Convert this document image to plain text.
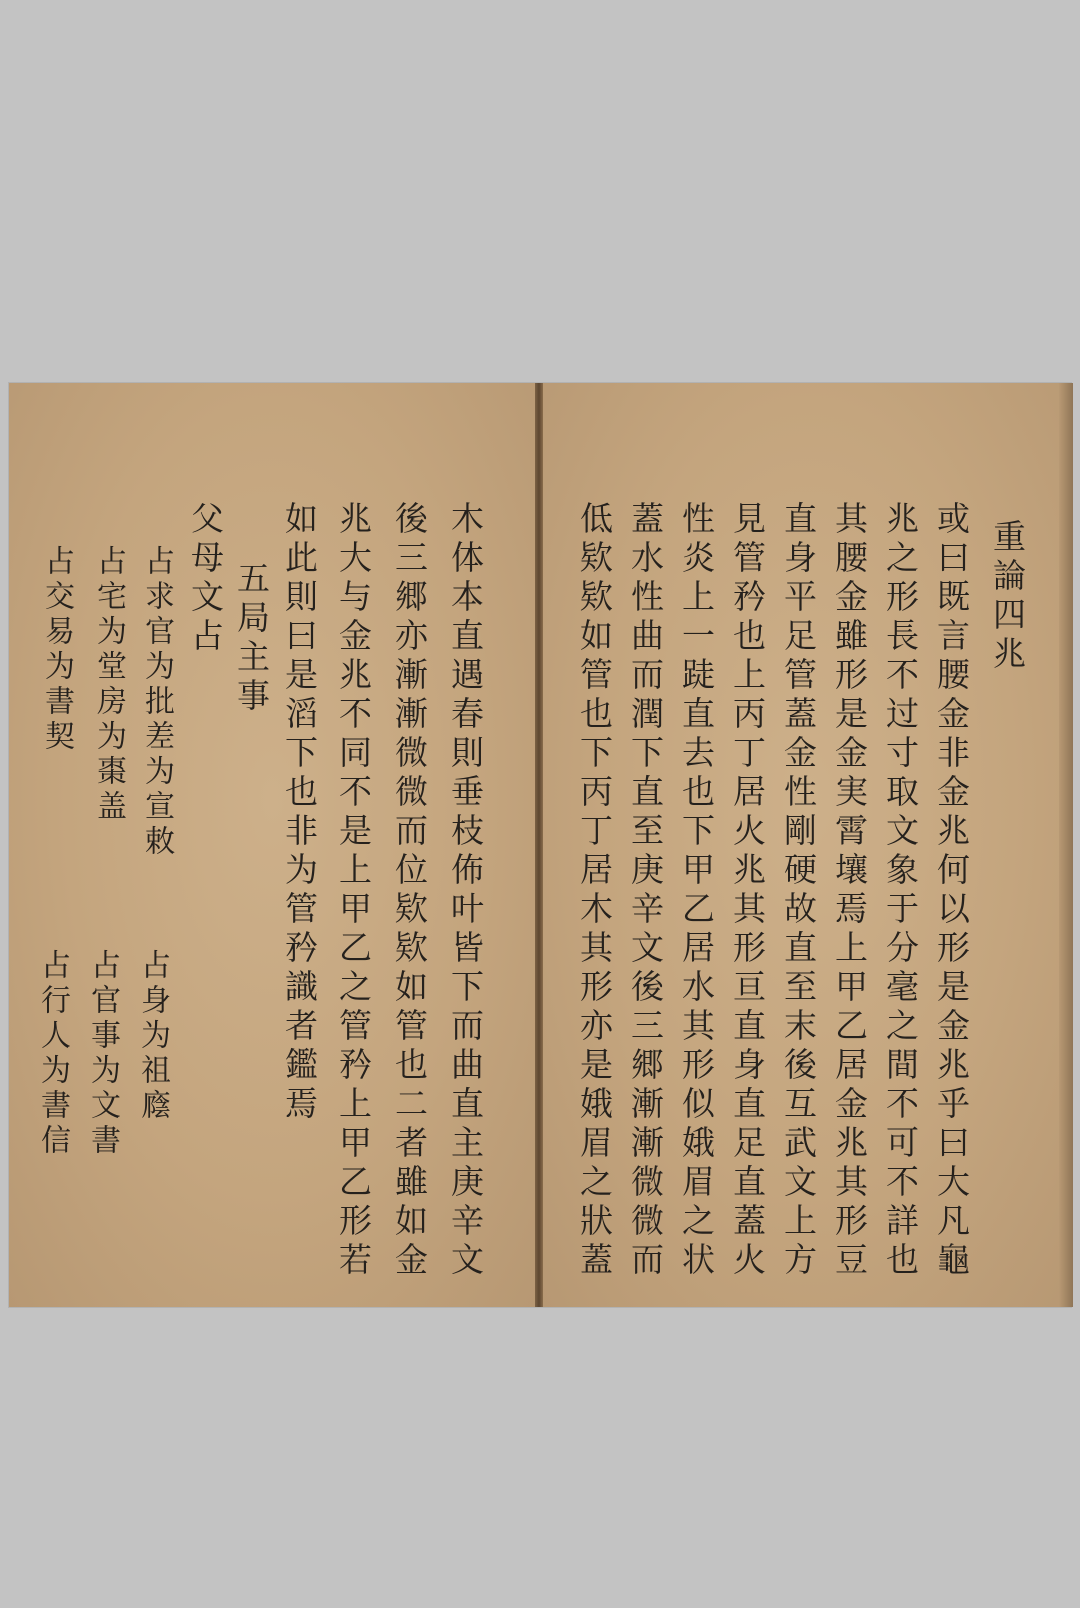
木体本直遇春則垂枝佈叶皆下而曲直主庚辛文
後三郷亦漸漸微微而位欵欵如管也二者雖如金
兆大与金兆不同不是上甲乙之管矜上甲乙形若
如此則曰是滔下也非为管矜識者鑑焉
五局主事
父母文占
占求官为批差为宣敕
占宅为堂房为棗盖
占交易为書契
占身为祖廕
占官事为文書
占行人为書信
重論四兆
或曰既言腰金非金兆何以形是金兆乎曰大凡龜
兆之形長不过寸取文象于分毫之間不可不詳也
其腰金雖形是金実霄壤焉上甲乙居金兆其形豆
直身平足管蓋金性剛硬故直至末後互武文上方
見管矜也上丙丁居火兆其形亘直身直足直蓋火
性炎上一跿直去也下甲乙居水其形似娥眉之状
蓋水性曲而潤下直至庚辛文後三郷漸漸微微而
低欵欵如管也下丙丁居木其形亦是娥眉之狀蓋
